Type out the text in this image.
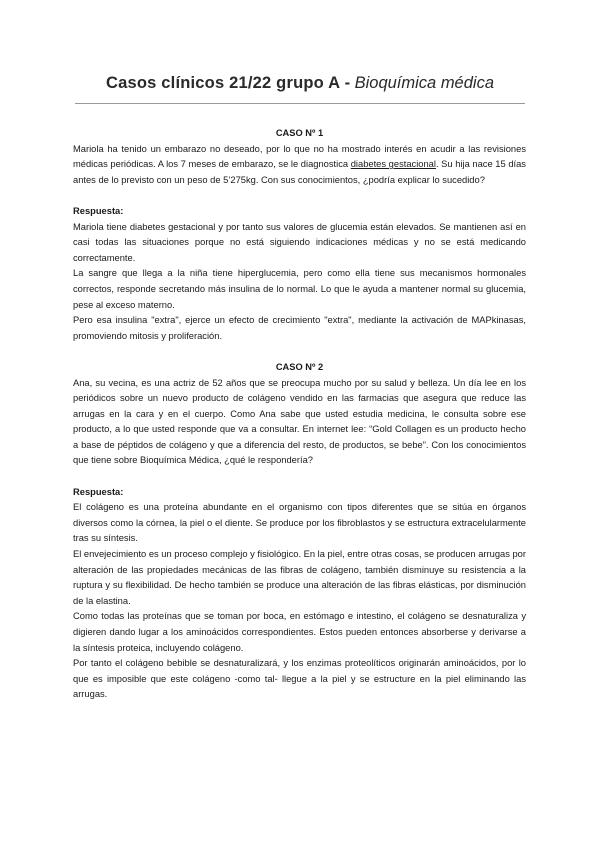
Casos clínicos 21/22 grupo A - Bioquímica médica

CASO Nº 1

Mariola ha tenido un embarazo no deseado, por lo que no ha mostrado interés en acudir a las revisiones médicas periódicas. A los 7 meses de embarazo, se le diagnostica diabetes gestacional. Su hija nace 15 días antes de lo previsto con un peso de 5’275kg. Con sus conocimientos, ¿podría explicar lo sucedido?

Respuesta:

Mariola tiene diabetes gestacional y por tanto sus valores de glucemia están elevados. Se mantienen así en casi todas las situaciones porque no está siguiendo indicaciones médicas y no se está medicando correctamente.

La sangre que llega a la niña tiene hiperglucemia, pero como ella tiene sus mecanismos hormonales correctos, responde secretando más insulina de lo normal. Lo que le ayuda a mantener normal su glucemia, pese al exceso materno.

Pero esa insulina "extra", ejerce un efecto de crecimiento "extra", mediante la activación de MAPkinasas, promoviendo mitosis y proliferación.

CASO Nº 2

Ana, su vecina, es una actriz de 52 años que se preocupa mucho por su salud y belleza. Un día lee en los periódicos sobre un nuevo producto de colágeno vendido en las farmacias que asegura que reduce las arrugas en la cara y en el cuerpo. Como Ana sabe que usted estudia medicina, le consulta sobre ese producto, a lo que usted responde que va a consultar. En internet lee: “Gold Collagen es un producto hecho a base de péptidos de colágeno y que a diferencia del resto, de productos, se bebe”. Con los conocimientos que tiene sobre Bioquímica Médica, ¿qué le respondería?

Respuesta:

El colágeno es una proteína abundante en el organismo con tipos diferentes que se sitúa en órganos diversos como la córnea, la piel o el diente. Se produce por los fibroblastos y se estructura extracelularmente tras su síntesis.

El envejecimiento es un proceso complejo y fisiológico. En la piel, entre otras cosas, se producen arrugas por alteración de las propiedades mecánicas de las fibras de colágeno, también disminuye su resistencia a la ruptura y su flexibilidad. De hecho también se produce una alteración de las fibras elásticas, por disminución de la elastina.

Como todas las proteínas que se toman por boca, en estómago e intestino, el colágeno se desnaturaliza y digieren dando lugar a los aminoácidos correspondientes. Estos pueden entonces absorberse y derivarse a la síntesis proteica, incluyendo colágeno.

Por tanto el colágeno bebible se desnaturalizará, y los enzimas proteolíticos originarán aminoácidos, por lo que es imposible que este colágeno -como tal- llegue a la piel y se estructure en la piel eliminando las arrugas.
